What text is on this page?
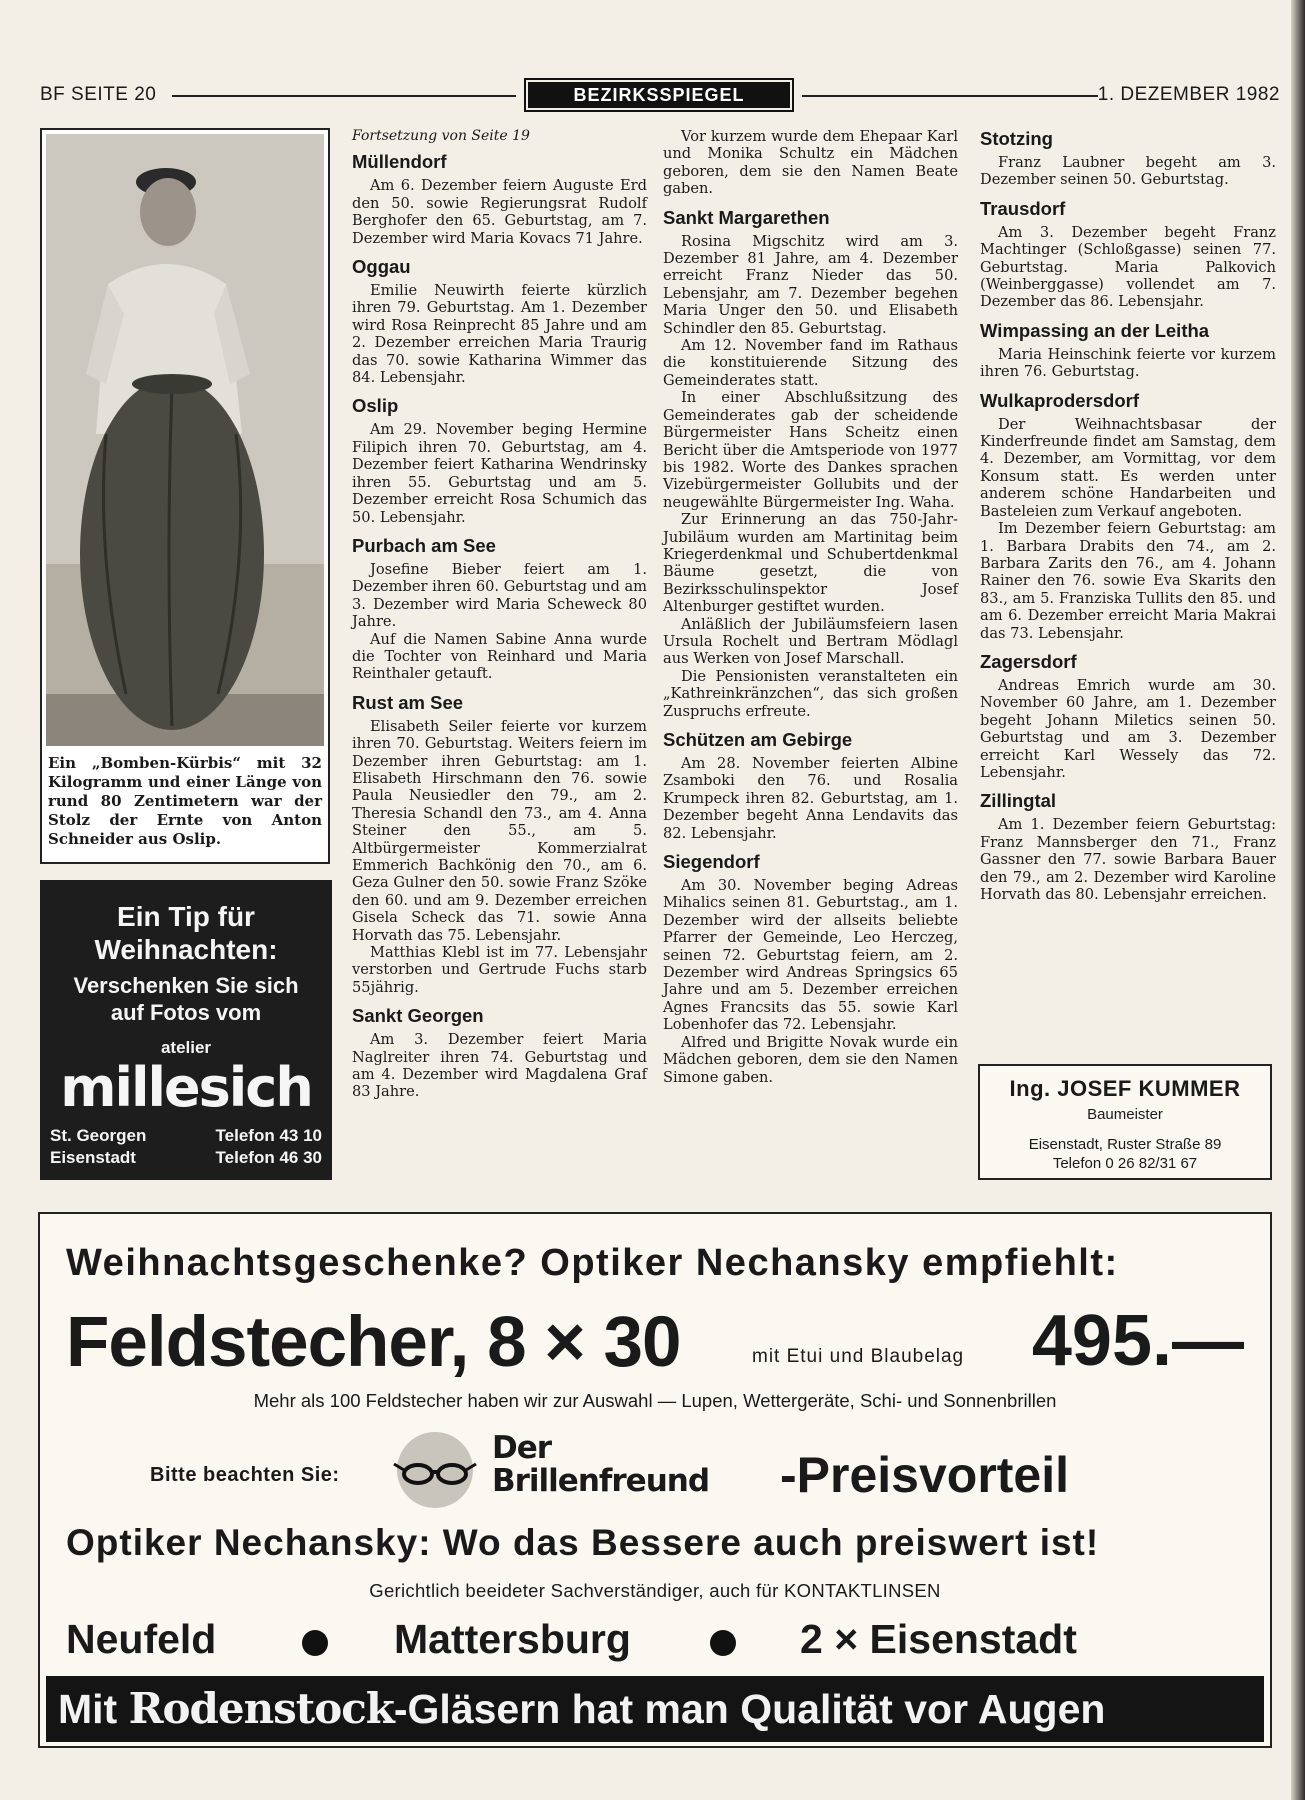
BF SEITE 20	BEZIRKSSPIEGEL	1. DEZEMBER 1982

Ein „Bomben-Kürbis“ mit 32 Kilogramm und einer Länge von rund 80 Zentimetern war der Stolz der Ernte von Anton Schneider aus Oslip.

Ein Tip für
Weihnachten:
Verschenken Sie sich
auf Fotos vom
atelier
millesich
St. Georgen	Telefon 43 10
Eisenstadt	Telefon 46 30

Fortsetzung von Seite 19

Müllendorf

Am 6. Dezember feiern Auguste Erd den 50. sowie Regierungsrat Rudolf Berghofer den 65. Geburtstag, am 7. Dezember wird Maria Kovacs 71 Jahre.

Oggau

Emilie Neuwirth feierte kürzlich ihren 79. Geburtstag. Am 1. Dezember wird Rosa Reinprecht 85 Jahre und am 2. Dezember erreichen Maria Traurig das 70. sowie Katharina Wimmer das 84. Lebensjahr.

Oslip

Am 29. November beging Hermine Filipich ihren 70. Geburtstag, am 4. Dezember feiert Katharina Wendrinsky ihren 55. Geburtstag und am 5. Dezember erreicht Rosa Schumich das 50. Lebensjahr.

Purbach am See

Josefine Bieber feiert am 1. Dezember ihren 60. Geburtstag und am 3. Dezember wird Maria Scheweck 80 Jahre.

Auf die Namen Sabine Anna wurde die Tochter von Reinhard und Maria Reinthaler getauft.

Rust am See

Elisabeth Seiler feierte vor kurzem ihren 70. Geburtstag. Weiters feiern im Dezember ihren Geburtstag: am 1. Elisabeth Hirschmann den 76. sowie Paula Neusiedler den 79., am 2. Theresia Schandl den 73., am 4. Anna Steiner den 55., am 5. Altbürgermeister Kommerzialrat Emmerich Bachkönig den 70., am 6. Geza Gulner den 50. sowie Franz Szöke den 60. und am 9. Dezember erreichen Gisela Scheck das 71. sowie Anna Horvath das 75. Lebensjahr.

Matthias Klebl ist im 77. Lebensjahr verstorben und Gertrude Fuchs starb 55jährig.

Sankt Georgen

Am 3. Dezember feiert Maria Naglreiter ihren 74. Geburtstag und am 4. Dezember wird Magdalena Graf 83 Jahre.

Vor kurzem wurde dem Ehepaar Karl und Monika Schultz ein Mädchen geboren, dem sie den Namen Beate gaben.

Sankt Margarethen

Rosina Migschitz wird am 3. Dezember 81 Jahre, am 4. Dezember erreicht Franz Nieder das 50. Lebensjahr, am 7. Dezember begehen Maria Unger den 50. und Elisabeth Schindler den 85. Geburtstag.

Am 12. November fand im Rathaus die konstituierende Sitzung des Gemeinderates statt.

In einer Abschlußsitzung des Gemeinderates gab der scheidende Bürgermeister Hans Scheitz einen Bericht über die Amtsperiode von 1977 bis 1982. Worte des Dankes sprachen Vizebürgermeister Gollubits und der neugewählte Bürgermeister Ing. Waha.

Zur Erinnerung an das 750-Jahr-Jubiläum wurden am Martinitag beim Kriegerdenkmal und Schubertdenkmal Bäume gesetzt, die von Bezirksschulinspektor Josef Altenburger gestiftet wurden.

Anläßlich der Jubiläumsfeiern lasen Ursula Rochelt und Bertram Mödlagl aus Werken von Josef Marschall.

Die Pensionisten veranstalteten ein „Kathreinkränzchen“, das sich großen Zuspruchs erfreute.

Schützen am Gebirge

Am 28. November feierten Albine Zsamboki den 76. und Rosalia Krumpeck ihren 82. Geburtstag, am 1. Dezember begeht Anna Lendavits das 82. Lebensjahr.

Siegendorf

Am 30. November beging Adreas Mihalics seinen 81. Geburtstag., am 1. Dezember wird der allseits beliebte Pfarrer der Gemeinde, Leo Herczeg, seinen 72. Geburtstag feiern, am 2. Dezember wird Andreas Springsics 65 Jahre und am 5. Dezember erreichen Agnes Francsits das 55. sowie Karl Lobenhofer das 72. Lebensjahr.

Alfred und Brigitte Novak wurde ein Mädchen geboren, dem sie den Namen Simone gaben.

Stotzing

Franz Laubner begeht am 3. Dezember seinen 50. Geburtstag.

Trausdorf

Am 3. Dezember begeht Franz Machtinger (Schloßgasse) seinen 77. Geburtstag. Maria Palkovich (Weinberggasse) vollendet am 7. Dezember das 86. Lebensjahr.

Wimpassing an der Leitha

Maria Heinschink feierte vor kurzem ihren 76. Geburtstag.

Wulkaprodersdorf

Der Weihnachtsbasar der Kinderfreunde findet am Samstag, dem 4. Dezember, am Vormittag, vor dem Konsum statt. Es werden unter anderem schöne Handarbeiten und Basteleien zum Verkauf angeboten.

Im Dezember feiern Geburtstag: am 1. Barbara Drabits den 74., am 2. Barbara Zarits den 76., am 4. Johann Rainer den 76. sowie Eva Skarits den 83., am 5. Franziska Tullits den 85. und am 6. Dezember erreicht Maria Makrai das 73. Lebensjahr.

Zagersdorf

Andreas Emrich wurde am 30. November 60 Jahre, am 1. Dezember begeht Johann Miletics seinen 50. Geburtstag und am 3. Dezember erreicht Karl Wessely das 72. Lebensjahr.

Zillingtal

Am 1. Dezember feiern Geburtstag: Franz Mannsberger den 71., Franz Gassner den 77. sowie Barbara Bauer den 79., am 2. Dezember wird Karoline Horvath das 80. Lebensjahr erreichen.

Ing. JOSEF KUMMER
Baumeister
Eisenstadt, Ruster Straße 89
Telefon 0 26 82/31 67
Weihnachtsgeschenke? Optiker Nechansky empfiehlt:
Feldstecher, 8 × 30	mit Etui und Blaubelag 495.—
Mehr als 100 Feldstecher haben wir zur Auswahl — Lupen, Wettergeräte, Schi- und Sonnenbrillen
Bitte beachten Sie:
Der
Brillenfreund -Preisvorteil
Optiker Nechansky: Wo das Bessere auch preiswert ist!
Gerichtlich beeideter Sachverständiger, auch für KONTAKTLINSEN
Neufeld	Mattersburg	2 × Eisenstadt
Mit Rodenstock-Gläsern hat man Qualität vor Augen
